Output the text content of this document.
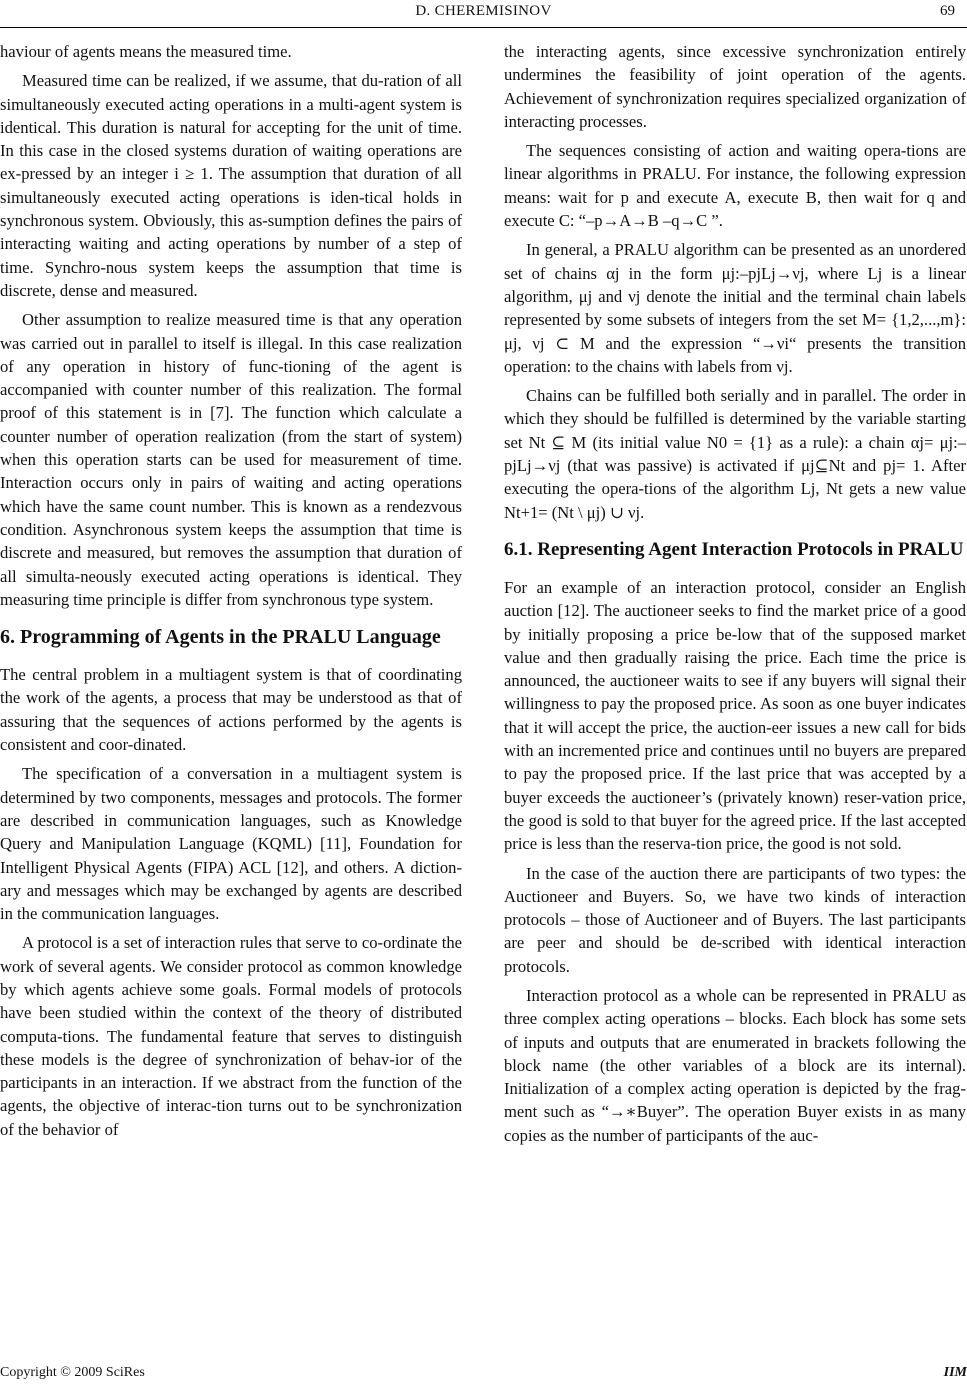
D. CHEREMISINOV	69

haviour of agents means the measured time.

Measured time can be realized, if we assume, that du-ration of all simultaneously executed acting operations in a multi-agent system is identical. This duration is natural for accepting for the unit of time. In this case in the closed systems duration of waiting operations are ex-pressed by an integer i ≥ 1. The assumption that duration of all simultaneously executed acting operations is iden-tical holds in synchronous system. Obviously, this as-sumption defines the pairs of interacting waiting and acting operations by number of a step of time. Synchro-nous system keeps the assumption that time is discrete, dense and measured.

Other assumption to realize measured time is that any operation was carried out in parallel to itself is illegal. In this case realization of any operation in history of func-tioning of the agent is accompanied with counter number of this realization. The formal proof of this statement is in [7]. The function which calculate a counter number of operation realization (from the start of system) when this operation starts can be used for measurement of time. Interaction occurs only in pairs of waiting and acting operations which have the same count number. This is known as a rendezvous condition. Asynchronous system keeps the assumption that time is discrete and measured, but removes the assumption that duration of all simulta-neously executed acting operations is identical. They measuring time principle is differ from synchronous type system.

6. Programming of Agents in the PRALU Language

The central problem in a multiagent system is that of coordinating the work of the agents, a process that may be understood as that of assuring that the sequences of actions performed by the agents is consistent and coor-dinated.

The specification of a conversation in a multiagent system is determined by two components, messages and protocols. The former are described in communication languages, such as Knowledge Query and Manipulation Language (KQML) [11], Foundation for Intelligent Physical Agents (FIPA) ACL [12], and others. A diction-ary and messages which may be exchanged by agents are described in the communication languages.

A protocol is a set of interaction rules that serve to co-ordinate the work of several agents. We consider protocol as common knowledge by which agents achieve some goals. Formal models of protocols have been studied within the context of the theory of distributed computa-tions. The fundamental feature that serves to distinguish these models is the degree of synchronization of behav-ior of the participants in an interaction. If we abstract from the function of the agents, the objective of interac-tion turns out to be synchronization of the behavior of

the interacting agents, since excessive synchronization entirely undermines the feasibility of joint operation of the agents. Achievement of synchronization requires specialized organization of interacting processes.

The sequences consisting of action and waiting opera-tions are linear algorithms in PRALU. For instance, the following expression means: wait for p and execute A, execute B, then wait for q and execute C: “–p→A→B –q→C ”.

In general, a PRALU algorithm can be presented as an unordered set of chains αj in the form μj:–pjLj→νj, where Lj is a linear algorithm, μj and νj denote the initial and the terminal chain labels represented by some subsets of integers from the set M= {1,2,...,m}: μj, νj ⊂ M and the expression “→νi“ presents the transition operation: to the chains with labels from νj.

Chains can be fulfilled both serially and in parallel. The order in which they should be fulfilled is determined by the variable starting set Nt ⊆ M (its initial value N0 = {1} as a rule): a chain αj= μj:–pjLj→νj (that was passive) is activated if μj⊆Nt and pj= 1. After executing the opera-tions of the algorithm Lj, Nt gets a new value Nt+1= (Nt \ μj) ∪ νj.

6.1. Representing Agent Interaction Protocols in PRALU

For an example of an interaction protocol, consider an English auction [12]. The auctioneer seeks to find the market price of a good by initially proposing a price be-low that of the supposed market value and then gradually raising the price. Each time the price is announced, the auctioneer waits to see if any buyers will signal their willingness to pay the proposed price. As soon as one buyer indicates that it will accept the price, the auction-eer issues a new call for bids with an incremented price and continues until no buyers are prepared to pay the proposed price. If the last price that was accepted by a buyer exceeds the auctioneer’s (privately known) reser-vation price, the good is sold to that buyer for the agreed price. If the last accepted price is less than the reserva-tion price, the good is not sold.

In the case of the auction there are participants of two types: the Auctioneer and Buyers. So, we have two kinds of interaction protocols – those of Auctioneer and of Buyers. The last participants are peer and should be de-scribed with identical interaction protocols.

Interaction protocol as a whole can be represented in PRALU as three complex acting operations – blocks. Each block has some sets of inputs and outputs that are enumerated in brackets following the block name (the other variables of a block are its internal). Initialization of a complex acting operation is depicted by the frag-ment such as “→∗Buyer”. The operation Buyer exists in as many copies as the number of participants of the auc-

Copyright © 2009 SciRes	IIM
